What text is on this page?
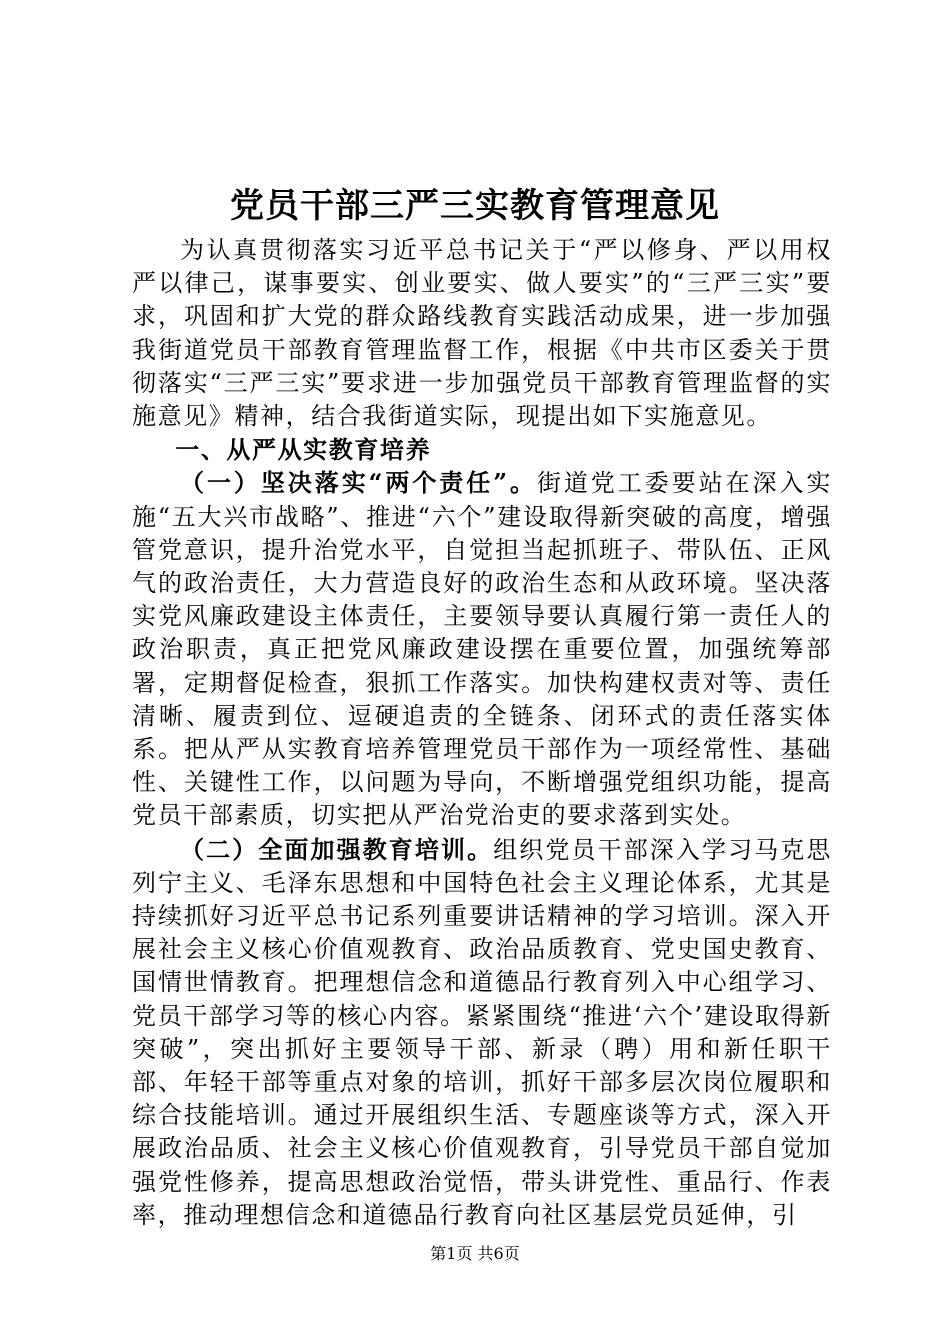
党员干部三严三实教育管理意见

为认真贯彻落实习近平总书记关于“严以修身、严以用权严以律己，谋事要实、创业要实、做人要实”的“三严三实”要求，巩固和扩大党的群众路线教育实践活动成果，进一步加强我街道党员干部教育管理监督工作，根据《中共市区委关于贯彻落实“三严三实”要求进一步加强党员干部教育管理监督的实施意见》精神，结合我街道实际，现提出如下实施意见。

一、从严从实教育培养

（一）坚决落实“两个责任”。街道党工委要站在深入实施“五大兴市战略”、推进“六个”建设取得新突破的高度，增强管党意识，提升治党水平，自觉担当起抓班子、带队伍、正风气的政治责任，大力营造良好的政治生态和从政环境。坚决落实党风廉政建设主体责任，主要领导要认真履行第一责任人的政治职责，真正把党风廉政建设摆在重要位置，加强统筹部署，定期督促检查，狠抓工作落实。加快构建权责对等、责任清晰、履责到位、逗硬追责的全链条、闭环式的责任落实体系。把从严从实教育培养管理党员干部作为一项经常性、基础性、关键性工作，以问题为导向，不断增强党组织功能，提高党员干部素质，切实把从严治党治吏的要求落到实处。

（二）全面加强教育培训。组织党员干部深入学习马克思列宁主义、毛泽东思想和中国特色社会主义理论体系，尤其是持续抓好习近平总书记系列重要讲话精神的学习培训。深入开展社会主义核心价值观教育、政治品质教育、党史国史教育、国情世情教育。把理想信念和道德品行教育列入中心组学习、党员干部学习等的核心内容。紧紧围绕“推进‘六个’建设取得新突破”，突出抓好主要领导干部、新录（聘）用和新任职干部、年轻干部等重点对象的培训，抓好干部多层次岗位履职和综合技能培训。通过开展组织生活、专题座谈等方式，深入开展政治品质、社会主义核心价值观教育，引导党员干部自觉加强党性修养，提高思想政治觉悟，带头讲党性、重品行、作表率，推动理想信念和道德品行教育向社区基层党员延伸，引

第1页 共6页
